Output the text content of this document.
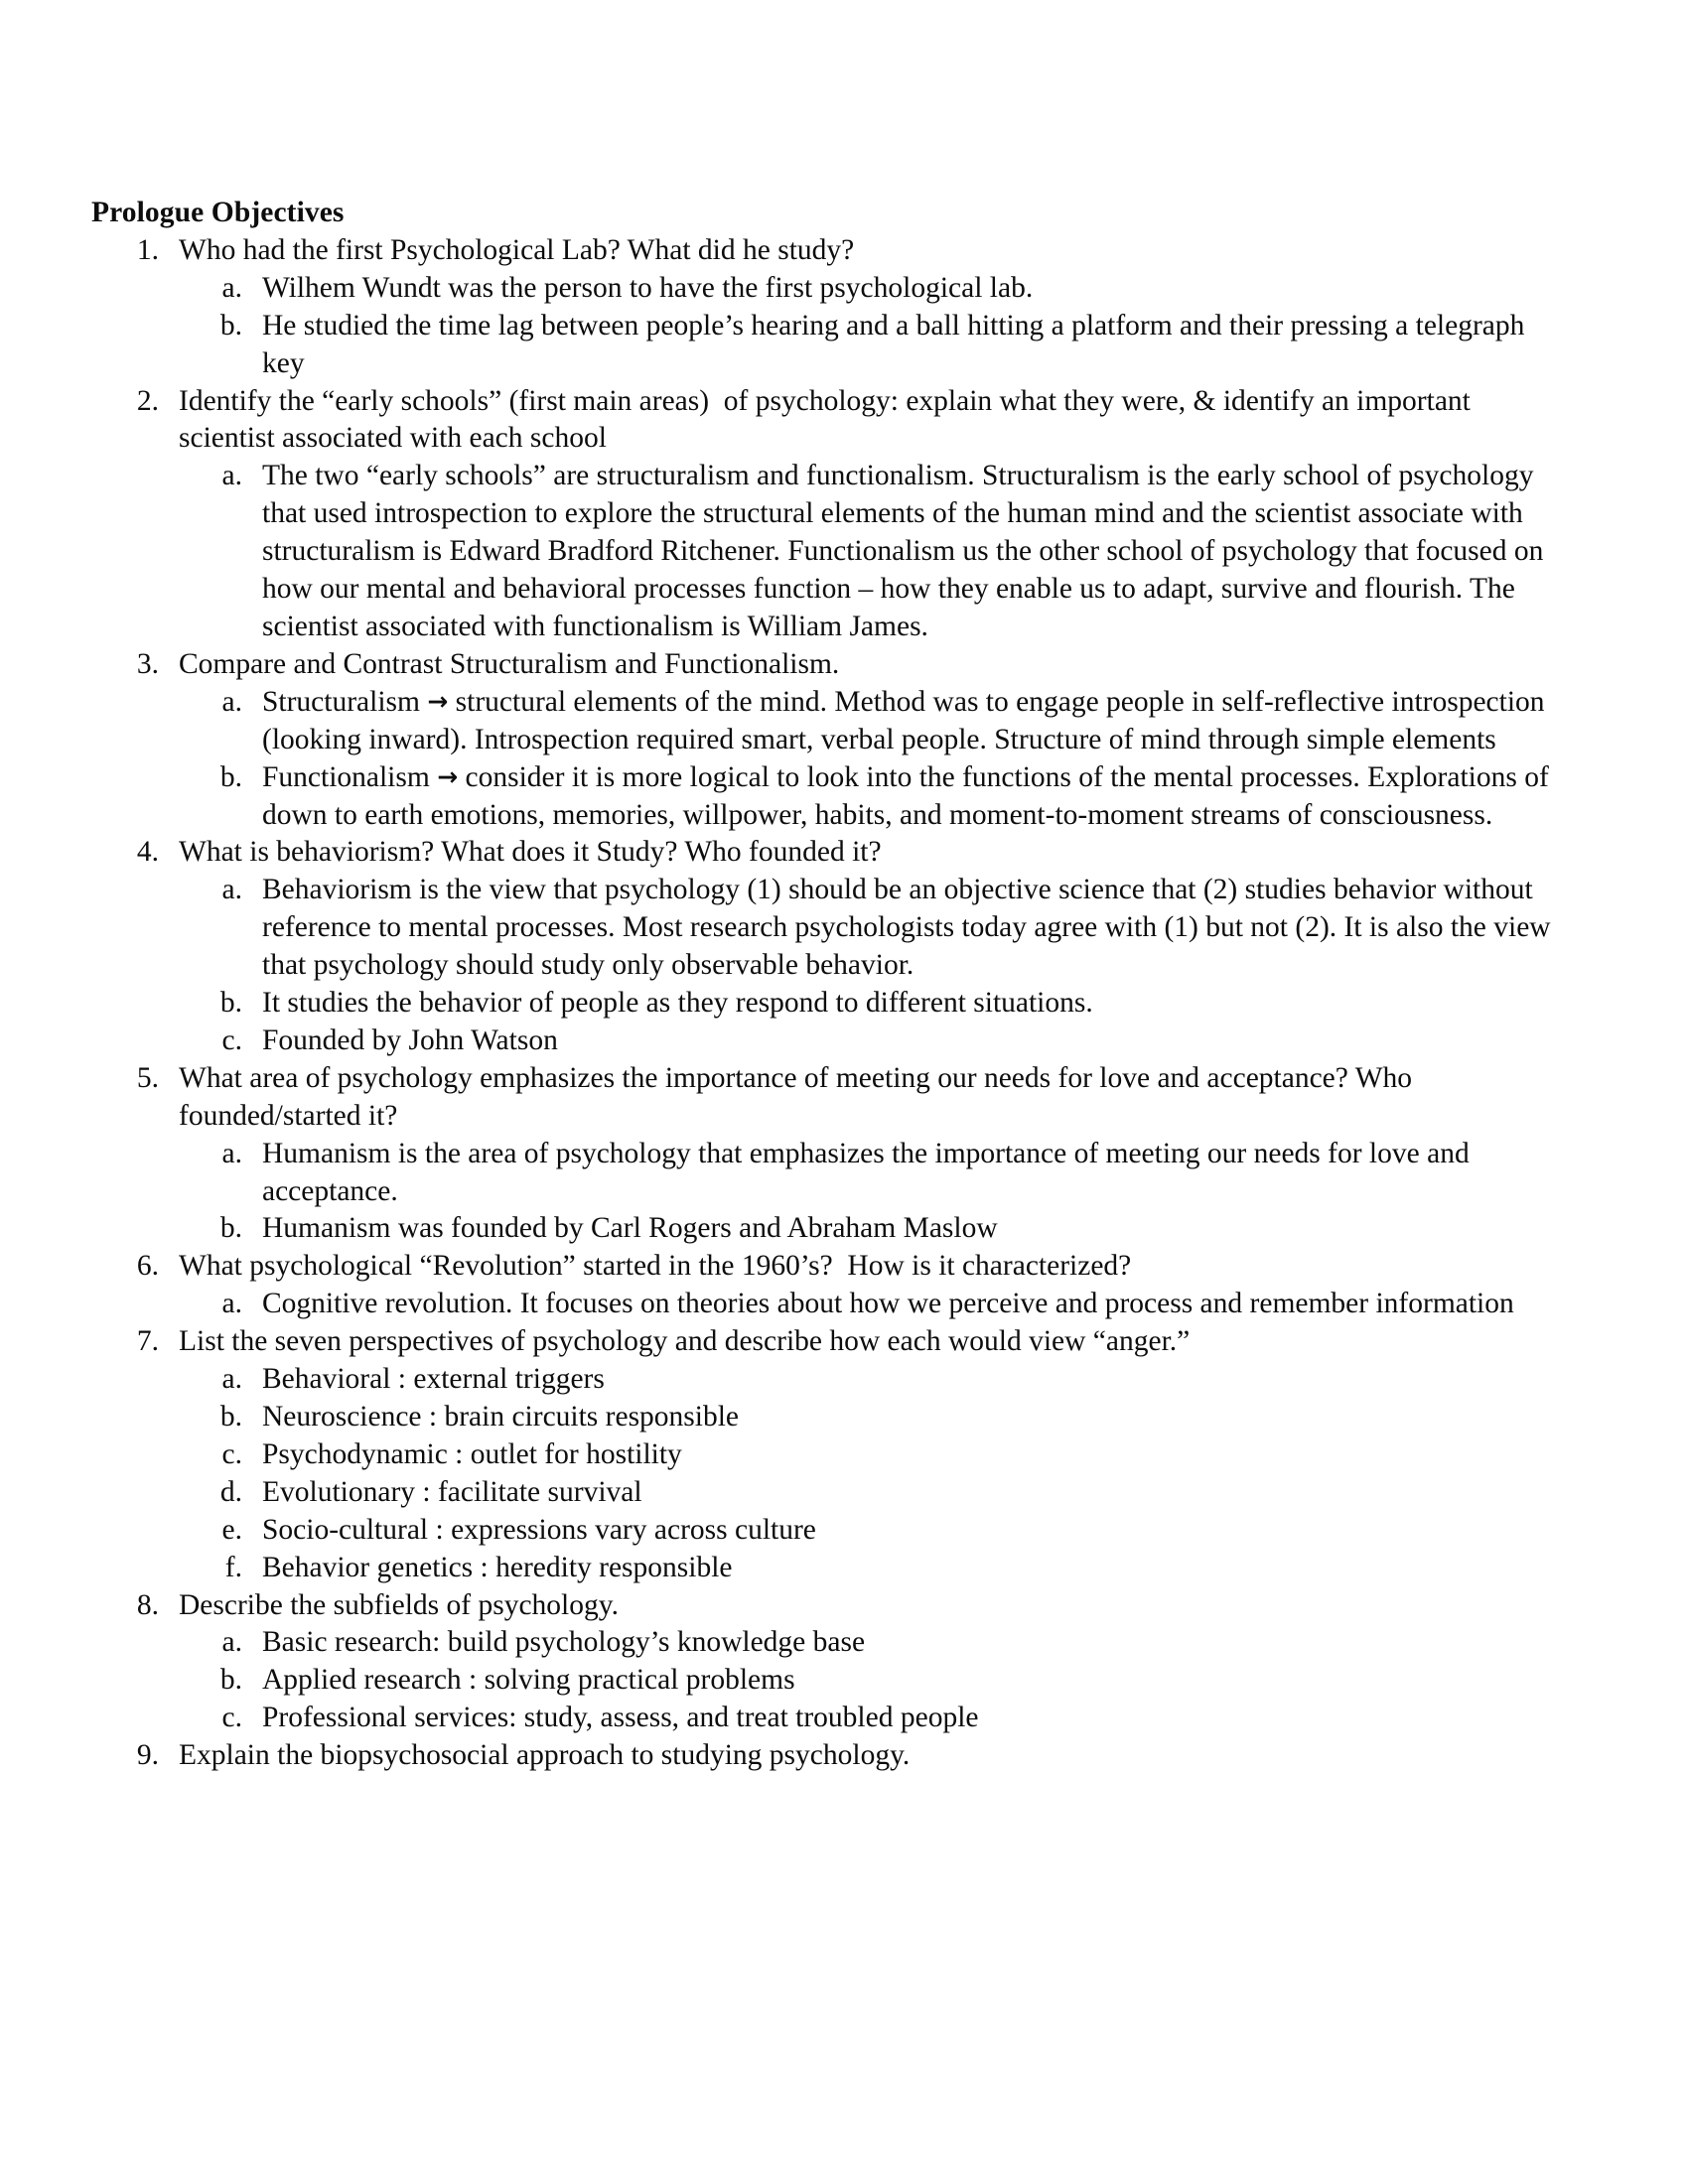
Prologue Objectives
1. Who had the first Psychological Lab? What did he study?
a. Wilhem Wundt was the person to have the first psychological lab.
b. He studied the time lag between people’s hearing and a ball hitting a platform and their pressing a telegraph key
2. Identify the “early schools” (first main areas)  of psychology: explain what they were, & identify an important scientist associated with each school
a. The two “early schools” are structuralism and functionalism. Structuralism is the early school of psychology that used introspection to explore the structural elements of the human mind and the scientist associate with structuralism is Edward Bradford Ritchener. Functionalism us the other school of psychology that focused on how our mental and behavioral processes function – how they enable us to adapt, survive and flourish. The scientist associated with functionalism is William James.
3. Compare and Contrast Structuralism and Functionalism.
a. Structuralism → structural elements of the mind. Method was to engage people in self-reflective introspection (looking inward). Introspection required smart, verbal people. Structure of mind through simple elements
b. Functionalism → consider it is more logical to look into the functions of the mental processes. Explorations of down to earth emotions, memories, willpower, habits, and moment-to-moment streams of consciousness.
4. What is behaviorism? What does it Study? Who founded it?
a. Behaviorism is the view that psychology (1) should be an objective science that (2) studies behavior without reference to mental processes. Most research psychologists today agree with (1) but not (2). It is also the view that psychology should study only observable behavior.
b. It studies the behavior of people as they respond to different situations.
c. Founded by John Watson
5. What area of psychology emphasizes the importance of meeting our needs for love and acceptance? Who founded/started it?
a. Humanism is the area of psychology that emphasizes the importance of meeting our needs for love and acceptance.
b. Humanism was founded by Carl Rogers and Abraham Maslow
6. What psychological “Revolution” started in the 1960’s?  How is it characterized?
a. Cognitive revolution. It focuses on theories about how we perceive and process and remember information
7. List the seven perspectives of psychology and describe how each would view “anger.”
a. Behavioral : external triggers
b. Neuroscience : brain circuits responsible
c. Psychodynamic : outlet for hostility
d. Evolutionary : facilitate survival
e. Socio-cultural : expressions vary across culture
f. Behavior genetics : heredity responsible
8. Describe the subfields of psychology.
a. Basic research: build psychology’s knowledge base
b. Applied research : solving practical problems
c. Professional services: study, assess, and treat troubled people
9. Explain the biopsychosocial approach to studying psychology.
